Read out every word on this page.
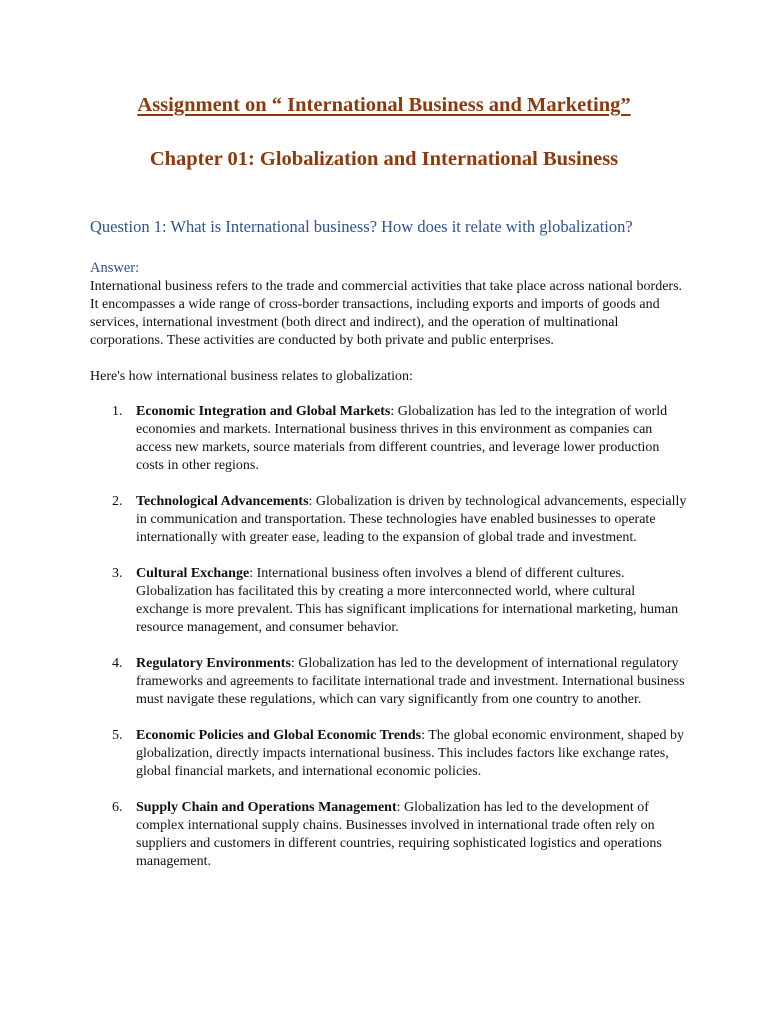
Assignment on “ International Business and Marketing”
Chapter 01: Globalization and International Business

Question 1: What is International business? How does it relate with globalization?

Answer:

International business refers to the trade and commercial activities that take place across national borders. It encompasses a wide range of cross-border transactions, including exports and imports of goods and services, international investment (both direct and indirect), and the operation of multinational corporations. These activities are conducted by both private and public enterprises.

Here's how international business relates to globalization:

1. Economic Integration and Global Markets: Globalization has led to the integration of world economies and markets. International business thrives in this environment as companies can access new markets, source materials from different countries, and leverage lower production costs in other regions.
2. Technological Advancements: Globalization is driven by technological advancements, especially in communication and transportation. These technologies have enabled businesses to operate internationally with greater ease, leading to the expansion of global trade and investment.
3. Cultural Exchange: International business often involves a blend of different cultures. Globalization has facilitated this by creating a more interconnected world, where cultural exchange is more prevalent. This has significant implications for international marketing, human resource management, and consumer behavior.
4. Regulatory Environments: Globalization has led to the development of international regulatory frameworks and agreements to facilitate international trade and investment. International business must navigate these regulations, which can vary significantly from one country to another.
5. Economic Policies and Global Economic Trends: The global economic environment, shaped by globalization, directly impacts international business. This includes factors like exchange rates, global financial markets, and international economic policies.
6. Supply Chain and Operations Management: Globalization has led to the development of complex international supply chains. Businesses involved in international trade often rely on suppliers and customers in different countries, requiring sophisticated logistics and operations management.
